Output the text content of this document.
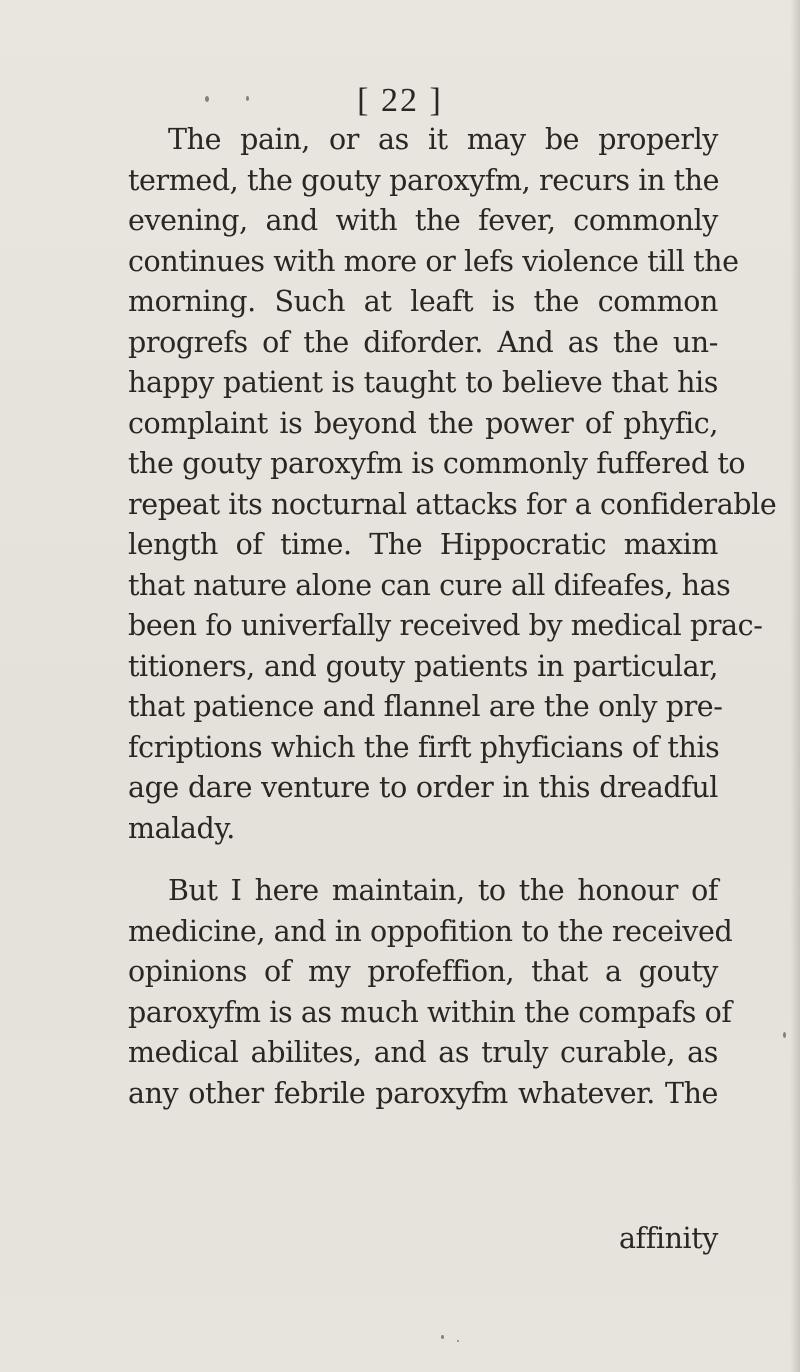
[ 22 ]
The pain, or as it may be properly
termed, the gouty paroxyfm, recurs in the
evening, and with the fever, commonly
continues with more or lefs violence till the
morning. Such at leaft is the common
progrefs of the diforder. And as the un-
happy patient is taught to believe that his
complaint is beyond the power of phyfic,
the gouty paroxyfm is commonly fuffered to
repeat its nocturnal attacks for a confiderable
length of time. The Hippocratic maxim
that nature alone can cure all difeafes, has
been fo univerfally received by medical prac-
titioners, and gouty patients in particular,
that patience and flannel are the only pre-
fcriptions which the firft phyficians of this
age dare venture to order in this dreadful
malady.
But I here maintain, to the honour of
medicine, and in oppofition to the received
opinions of my profeffion, that a gouty
paroxyfm is as much within the compafs of
medical abilites, and as truly curable, as
any other febrile paroxyfm whatever. The
affinity
